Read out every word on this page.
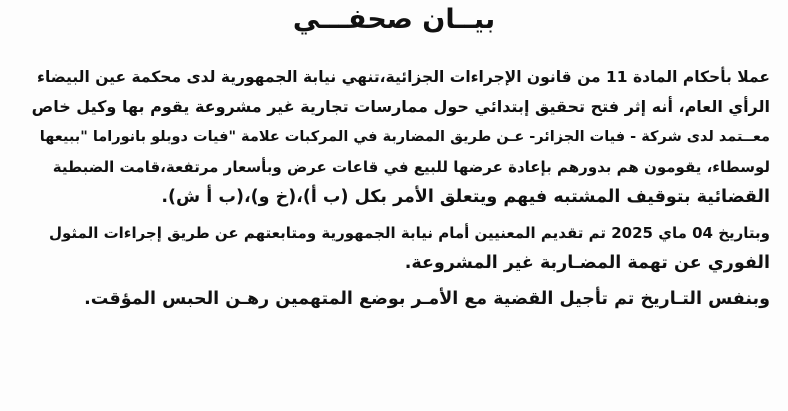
بيــان صحفـــي
عملا بأحكام المادة 11 من قانون الإجراءات الجزائية،تنهي نيابة الجمهورية لدى محكمة عين البيضاء
الرأي العام، أنه إثر فتح تحقيق إبتدائي حول ممارسات تجارية غير مشروعة يقوم بها وكيل خاص
معــتمد لدى شركة - فيات الجزائر- عـن طريق المضاربة في المركبات علامة "فيات دوبلو بانوراما "ببيعها
لوسطاء، يقومون هم بدورهم بإعادة عرضها للبيع في قاعات عرض وبأسعار مرتفعة،قامت الضبطية
القضائية بتوقيف المشتبه فيهم ويتعلق الأمر بكل (ب أ)،(خ و)،(ب أ ش).
وبتاريخ 04 ماي 2025 تم تقديم المعنيين أمام نيابة الجمهورية ومتابعتهم عن طريق إجراءات المثول
الفوري عن تهمة المضـاربة غير المشروعة.
وبنفس التـاريخ تم تأجيل القضية مع الأمـر بوضع المتهمين رهـن الحبس المؤقت.
